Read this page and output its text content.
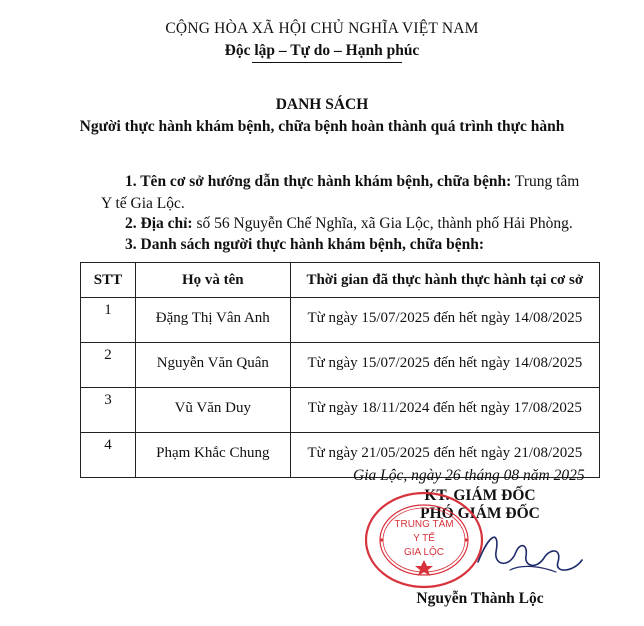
CỘNG HÒA XÃ HỘI CHỦ NGHĨA VIỆT NAM
Độc lập – Tự do – Hạnh phúc
DANH SÁCH
Người thực hành khám bệnh, chữa bệnh hoàn thành quá trình thực hành
1. Tên cơ sở hướng dẫn thực hành khám bệnh, chữa bệnh: Trung tâm
Y tế Gia Lộc.
2. Địa chỉ: số 56 Nguyễn Chế Nghĩa, xã Gia Lộc, thành phố Hải Phòng.
3. Danh sách người thực hành khám bệnh, chữa bệnh:
STT	Họ và tên	Thời gian đã thực hành thực hành tại cơ sở
1	Đặng Thị Vân Anh	Từ ngày 15/07/2025 đến hết ngày 14/08/2025
2	Nguyễn Văn Quân	Từ ngày 15/07/2025 đến hết ngày 14/08/2025
3	Vũ Văn Duy	Từ ngày 18/11/2024 đến hết ngày 17/08/2025
4	Phạm Khắc Chung	Từ ngày 21/05/2025 đến hết ngày 21/08/2025
Gia Lộc, ngày 26 tháng 08 năm 2025
KT. GIÁM ĐỐC
PHÓ GIÁM ĐỐC
TRUNG TÂM
Y TẾ
GIA LỘC
Nguyễn Thành Lộc
